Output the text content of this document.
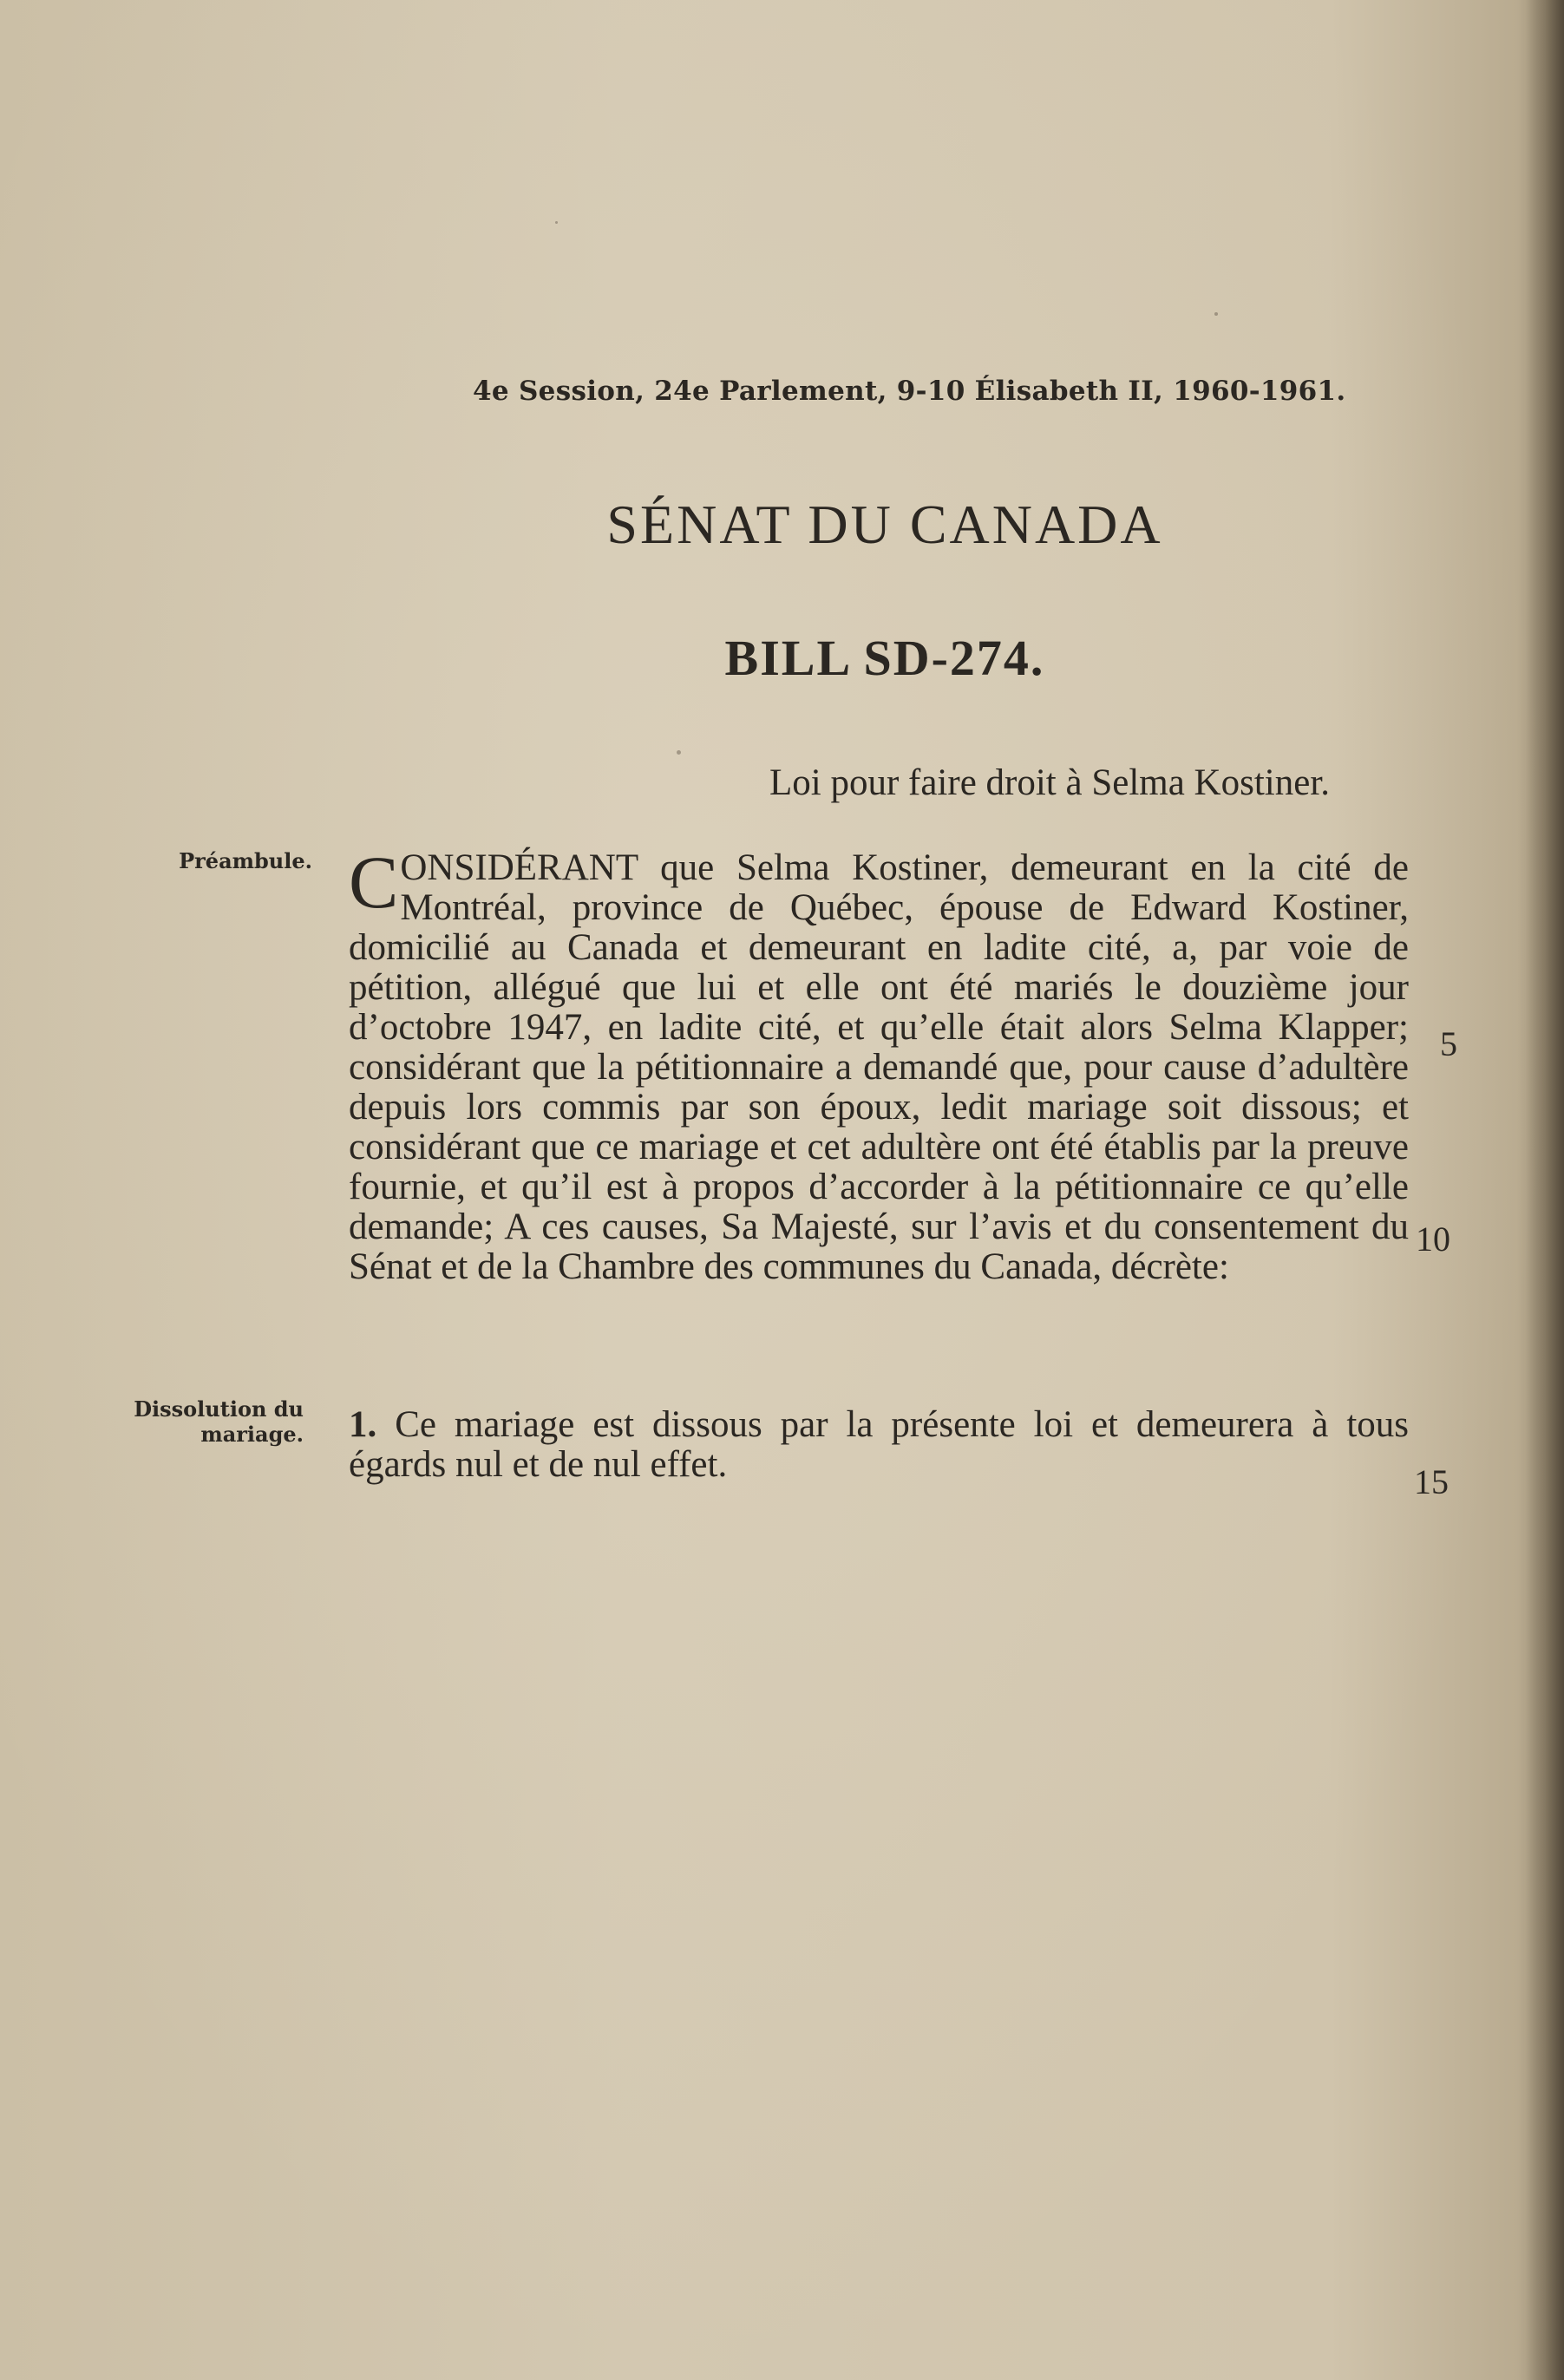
4e Session, 24e Parlement, 9-10 Élisabeth II, 1960-1961.
SÉNAT DU CANADA
BILL SD-274.
Loi pour faire droit à Selma Kostiner.
Préambule.
Dissolution du mariage.
CONSIDÉRANT que Selma Kostiner, demeurant en la cité de Montréal, province de Québec, épouse de Edward Kostiner, domicilié au Canada et demeurant en ladite cité, a, par voie de pétition, allégué que lui et elle ont été mariés le douzième jour d’octobre 1947, en ladite cité, et qu’elle était alors Selma Klapper; considérant que la pétitionnaire a demandé que, pour cause d’adultère depuis lors commis par son époux, ledit mariage soit dissous; et considérant que ce mariage et cet adultère ont été établis par la preuve fournie, et qu’il est à propos d’accorder à la pétitionnaire ce qu’elle demande; A ces causes, Sa Majesté, sur l’avis et du consentement du Sénat et de la Chambre des communes du Canada, décrète:
1. Ce mariage est dissous par la présente loi et demeurera à tous égards nul et de nul effet.
5
10
15
